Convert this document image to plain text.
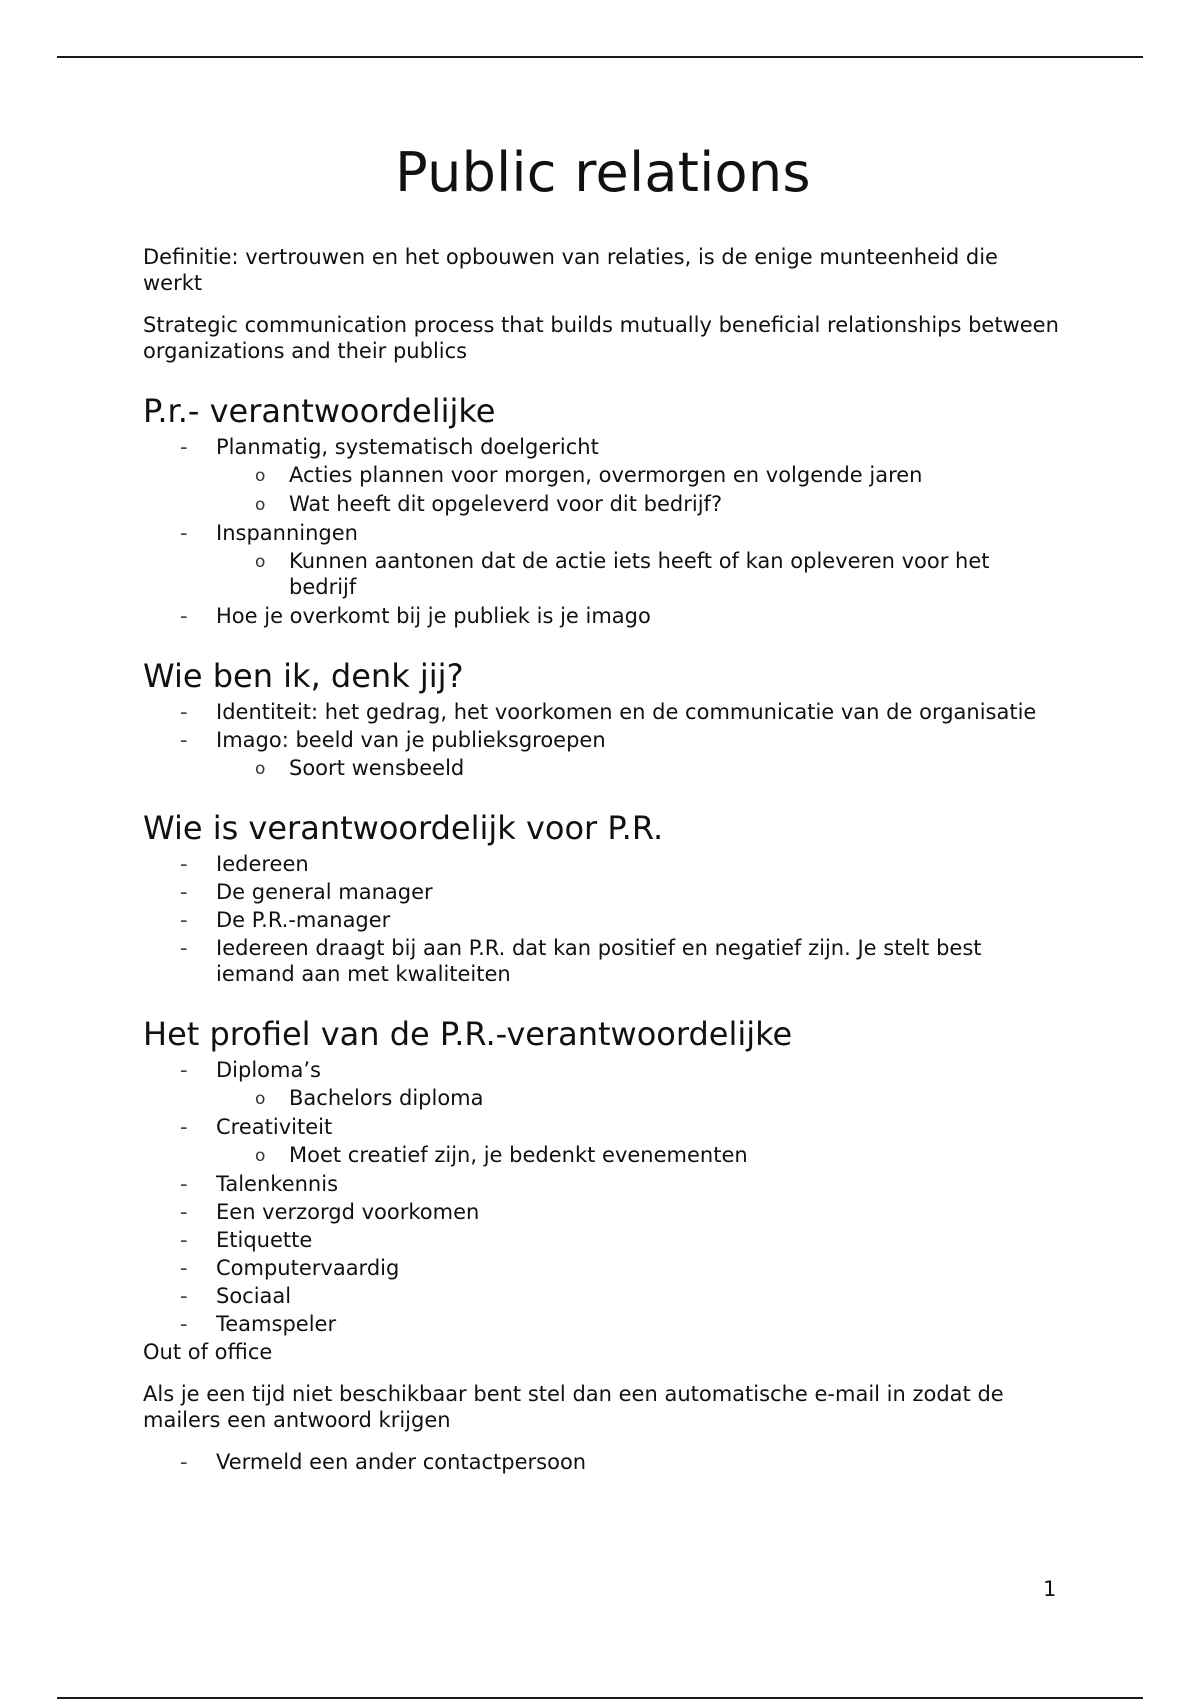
Public relations

Definitie: vertrouwen en het opbouwen van relaties, is de enige munteenheid die werkt

Strategic communication process that builds mutually beneficial relationships between organizations and their publics

P.r.- verantwoordelijke
- Planmatig, systematisch doelgericht
o Acties plannen voor morgen, overmorgen en volgende jaren
o Wat heeft dit opgeleverd voor dit bedrijf?
- Inspanningen
o Kunnen aantonen dat de actie iets heeft of kan opleveren voor het bedrijf
- Hoe je overkomt bij je publiek is je imago
Wie ben ik, denk jij?
- Identiteit: het gedrag, het voorkomen en de communicatie van de organisatie
- Imago: beeld van je publieksgroepen
o Soort wensbeeld
Wie is verantwoordelijk voor P.R.
- Iedereen
- De general manager
- De P.R.-manager
- Iedereen draagt bij aan P.R. dat kan positief en negatief zijn. Je stelt best iemand aan met kwaliteiten
Het profiel van de P.R.-verantwoordelijke
- Diploma’s
o Bachelors diploma
- Creativiteit
o Moet creatief zijn, je bedenkt evenementen
- Talenkennis
- Een verzorgd voorkomen
- Etiquette
- Computervaardig
- Sociaal
- Teamspeler

Out of office

Als je een tijd niet beschikbaar bent stel dan een automatische e-mail in zodat de mailers een antwoord krijgen

- Vermeld een ander contactpersoon
1
